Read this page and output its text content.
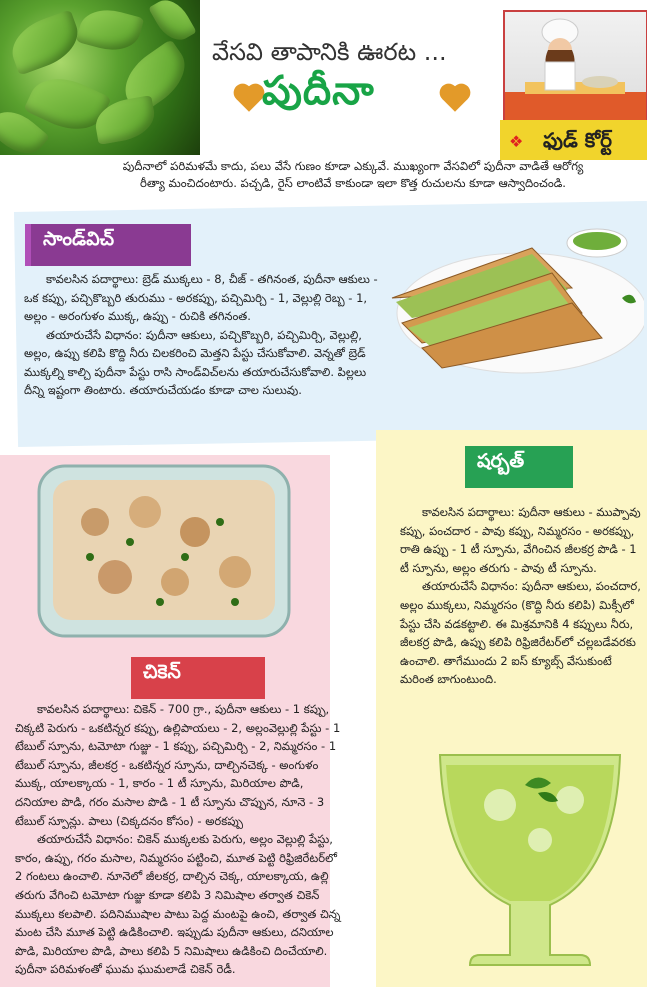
వేసవి తాపానికి ఊరట ...
పుదీనా
❖ ఫుడ్ కోర్ట్
పుదీనాలో పరిమళమే కాదు, పలు వేసే గుణం కూడా ఎక్కువే. ముఖ్యంగా వేసవిలో పుదీనా వాడితే ఆరోగ్య రీత్యా మంచిదంటారు. పచ్చడి, రైస్ లాంటివే కాకుండా ఇలా కొత్త రుచులను కూడా ఆస్వాదించండి.
సాండ్‌విచ్

కావలసిన పదార్థాలు: బ్రెడ్ ముక్కలు - 8, చీజ్ - తగినంత, పుదీనా ఆకులు - ఒక కప్పు, పచ్చికొబ్బరి తురుము - అరకప్పు, పచ్చిమిర్చి - 1, వెల్లుల్లి రెబ్బ - 1, అల్లం - అరంగుళం ముక్క, ఉప్పు - రుచికి తగినంత.

తయారుచేసే విధానం: పుదీనా ఆకులు, పచ్చికొబ్బరి, పచ్చిమిర్చి, వెల్లుల్లి, అల్లం, ఉప్పు కలిపి కొద్ది నీరు చిలకరించి మెత్తని పేస్టు చేసుకోవాలి. వెన్నతో బ్రెడ్ ముక్కల్ని కాల్చి పుదీనా పేస్టు రాసి సాండ్‌విచ్‌లను తయారుచేసుకోవాలి. పిల్లలు దీన్ని ఇష్టంగా తింటారు. తయారుచేయడం కూడా చాల సులువు.

చికెన్

కావలసిన పదార్థాలు: చికెన్ - 700 గ్రా., పుదీనా ఆకులు - 1 కప్పు, చిక్కటి పెరుగు - ఒకటిన్నర కప్పు, ఉల్లిపాయలు - 2, అల్లంవెల్లుల్లి పేస్టు - 1 టేబుల్ స్పూను, టమోటా గుజ్జు - 1 కప్పు, పచ్చిమిర్చి - 2, నిమ్మరసం - 1 టేబుల్ స్పూను, జీలకర్ర - ఒకటిన్నర స్పూను, దాల్చినచెక్క - అంగుళం ముక్క, యాలక్కాయ - 1, కారం - 1 టీ స్పూను, మిరియాల పొడి, దనియాల పొడి, గరం మసాల పొడి - 1 టీ స్పూను చొప్పున, నూనె - 3 టేబుల్ స్పూన్లు. పాలు (చిక్కదనం కోసం) - అరకప్పు

తయారుచేసే విధానం: చికెన్ ముక్కలకు పెరుగు, అల్లం వెల్లుల్లి పేస్టు, కారం, ఉప్పు, గరం మసాల, నిమ్మరసం పట్టించి, మూత పెట్టి రిఫ్రిజిరేటర్‌లో 2 గంటలు ఉంచాలి. నూనెలో జీలకర్ర, దాల్చిన చెక్క, యాలక్కాయ, ఉల్లి తరుగు వేగించి టమోటా గుజ్జు కూడా కలిపి 3 నిమిషాల తర్వాత చికెన్ ముక్కలు కలపాలి. పదినిముషాల పాటు పెద్ద మంటపై ఉంచి, తర్వాత చిన్న మంట చేసి మూత పెట్టి ఉడికించాలి. ఇప్పుడు పుదీనా ఆకులు, దనియాల పొడి, మిరియాల పొడి, పాలు కలిపి 5 నిమిషాలు ఉడికించి దించేయాలి. పుదీనా పరిమళంతో ఘుమ ఘుమలాడే చికెన్ రెడీ.

షర్బత్

కావలసిన పదార్థాలు: పుదీనా ఆకులు - ముప్పావు కప్పు, పంచదార - పావు కప్పు, నిమ్మరసం - అరకప్పు, రాతి ఉప్పు - 1 టీ స్పూను, వేగించిన జీలకర్ర పొడి - 1 టీ స్పూను, అల్లం తరుగు - పావు టీ స్పూను.

తయారుచేసే విధానం: పుదీనా ఆకులు, పంచదార, అల్లం ముక్కలు, నిమ్మరసం (కొద్ది నీరు కలిపి) మిక్సీలో పేస్టు చేసి వడకట్టాలి. ఈ మిశ్రమానికి 4 కప్పులు నీరు, జీలకర్ర పొడి, ఉప్పు కలిపి రిఫ్రిజిరేటర్‌లో చల్లబడేవరకు ఉంచాలి. తాగేముందు 2 ఐస్ క్యూబ్స్ వేసుకుంటే మరింత బాగుంటుంది.
